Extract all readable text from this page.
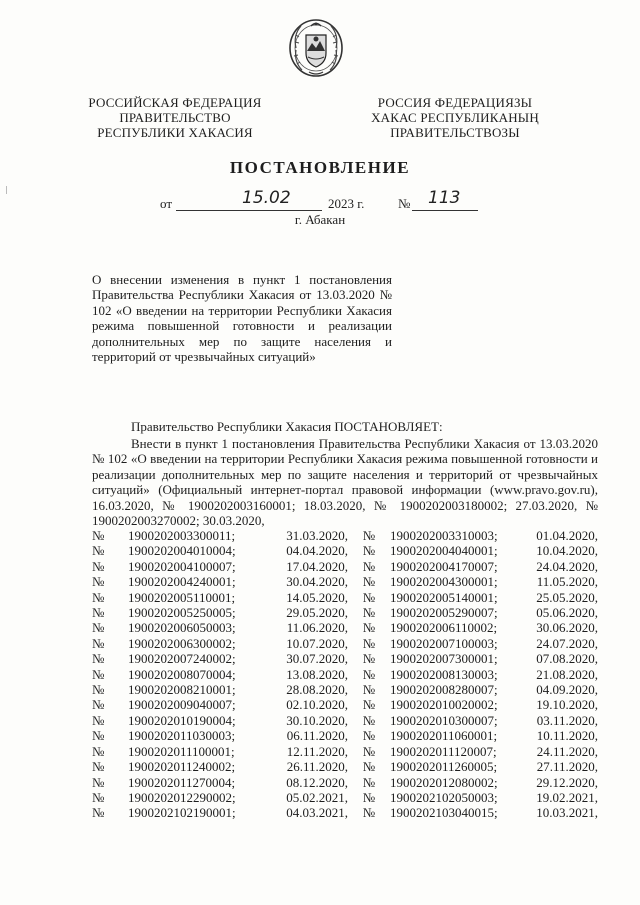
РОССИЙСКАЯ ФЕДЕРАЦИЯ
ПРАВИТЕЛЬСТВО
РЕСПУБЛИКИ ХАКАСИЯ
РОССИЯ ФЕДЕРАЦИЯЗЫ
ХАКАС РЕСПУБЛИКАНЫҢ
ПРАВИТЕЛЬСТВОЗЫ
ПОСТАНОВЛЕНИЕ
от	15.02	2023 г.	№ 113
г. Абакан
О внесении изменения в пункт 1 постановления Правительства Республики Хакасия от 13.03.2020 № 102 «О введении на территории Республики Хакасия режима повышенной готовности и реализации дополнительных мер по защите населения и территорий от чрезвычайных ситуаций»
Правительство Республики Хакасия ПОСТАНОВЛЯЕТ:
Внести в пункт 1 постановления Правительства Республики Хакасия от 13.03.2020 № 102 «О введении на территории Республики Хакасия режима повышенной готовности и реализации дополнительных мер по защите населения и территорий от чрезвычайных ситуаций» (Официальный интернет-портал правовой информации (www.pravo.gov.ru), 16.03.2020, № 1900202003160001; 18.03.2020, № 1900202003180002; 27.03.2020, № 1900202003270002; 30.03.2020,
№	1900202003300011;	31.03.2020,	№	1900202003310003;	01.04.2020,
№	1900202004010004;	04.04.2020,	№	1900202004040001;	10.04.2020,
№	1900202004100007;	17.04.2020,	№	1900202004170007;	24.04.2020,
№	1900202004240001;	30.04.2020,	№	1900202004300001;	11.05.2020,
№	1900202005110001;	14.05.2020,	№	1900202005140001;	25.05.2020,
№	1900202005250005;	29.05.2020,	№	1900202005290007;	05.06.2020,
№	1900202006050003;	11.06.2020,	№	1900202006110002;	30.06.2020,
№	1900202006300002;	10.07.2020,	№	1900202007100003;	24.07.2020,
№	1900202007240002;	30.07.2020,	№	1900202007300001;	07.08.2020,
№	1900202008070004;	13.08.2020,	№	1900202008130003;	21.08.2020,
№	1900202008210001;	28.08.2020,	№	1900202008280007;	04.09.2020,
№	1900202009040007;	02.10.2020,	№	1900202010020002;	19.10.2020,
№	1900202010190004;	30.10.2020,	№	1900202010300007;	03.11.2020,
№	1900202011030003;	06.11.2020,	№	1900202011060001;	10.11.2020,
№	1900202011100001;	12.11.2020,	№	1900202011120007;	24.11.2020,
№	1900202011240002;	26.11.2020,	№	1900202011260005;	27.11.2020,
№	1900202011270004;	08.12.2020,	№	1900202012080002;	29.12.2020,
№	1900202012290002;	05.02.2021,	№	1900202102050003;	19.02.2021,
№	1900202102190001;	04.03.2021,	№	1900202103040015;	10.03.2021,
